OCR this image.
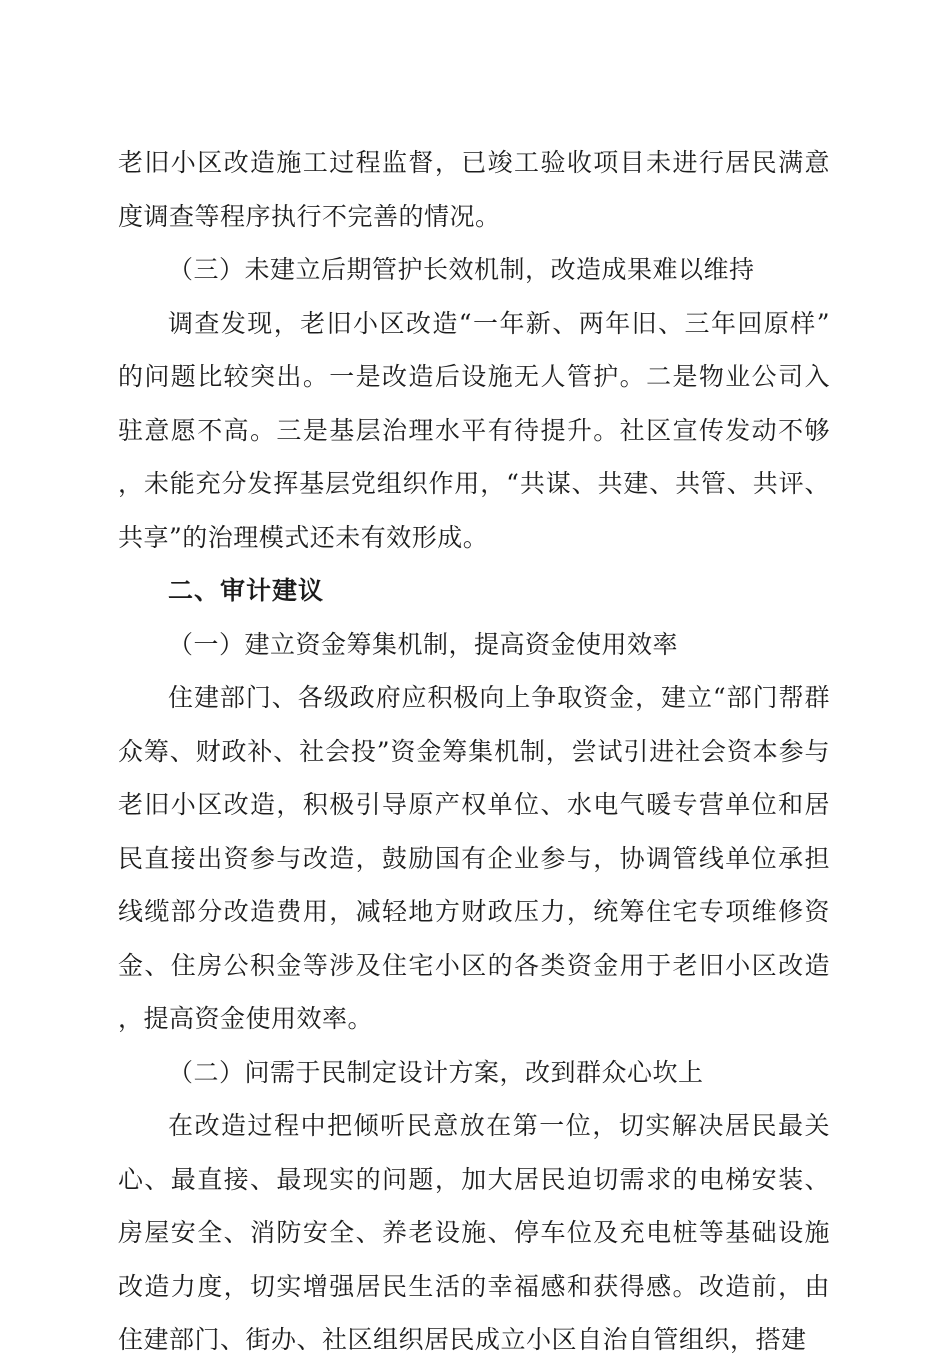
老旧小区改造施工过程监督，已竣工验收项目未进行居民满意度调查等程序执行不完善的情况。

（三）未建立后期管护长效机制，改造成果难以维持

调查发现，老旧小区改造“一年新、两年旧、三年回原样”的问题比较突出。一是改造后设施无人管护。二是物业公司入驻意愿不高。三是基层治理水平有待提升。社区宣传发动不够，未能充分发挥基层党组织作用，“共谋、共建、共管、共评、共享”的治理模式还未有效形成。

二、审计建议

（一）建立资金筹集机制，提高资金使用效率

住建部门、各级政府应积极向上争取资金，建立“部门帮群众筹、财政补、社会投”资金筹集机制，尝试引进社会资本参与老旧小区改造，积极引导原产权单位、水电气暖专营单位和居民直接出资参与改造，鼓励国有企业参与，协调管线单位承担线缆部分改造费用，减轻地方财政压力，统筹住宅专项维修资金、住房公积金等涉及住宅小区的各类资金用于老旧小区改造，提高资金使用效率。

（二）问需于民制定设计方案，改到群众心坎上

在改造过程中把倾听民意放在第一位，切实解决居民最关心、最直接、最现实的问题，加大居民迫切需求的电梯安装、房屋安全、消防安全、养老设施、停车位及充电桩等基础设施改造力度，切实增强居民生活的幸福感和获得感。改造前，由住建部门、街办、社区组织居民成立小区自治自管组织，搭建
